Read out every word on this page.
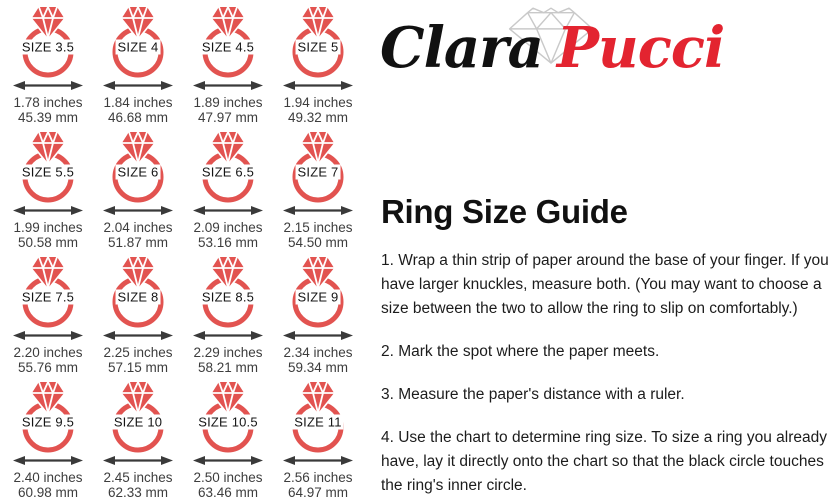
SIZE 3.5
1.78 inches
45.39 mm
SIZE 4
1.84 inches
46.68 mm
SIZE 4.5
1.89 inches
47.97 mm
SIZE 5
1.94 inches
49.32 mm
SIZE 5.5
1.99 inches
50.58 mm
SIZE 6
2.04 inches
51.87 mm
SIZE 6.5
2.09 inches
53.16 mm
SIZE 7
2.15 inches
54.50 mm
SIZE 7.5
2.20 inches
55.76 mm
SIZE 8
2.25 inches
57.15 mm
SIZE 8.5
2.29 inches
58.21 mm
SIZE 9
2.34 inches
59.34 mm
SIZE 9.5
2.40 inches
60.98 mm
SIZE 10
2.45 inches
62.33 mm
SIZE 10.5
2.50 inches
63.46 mm
SIZE 11
2.56 inches
64.97 mm
Clara Pucci
Ring Size Guide

1. Wrap a thin strip of paper around the base of your finger. If you have larger knuckles, measure both. (You may want to choose a size between the two to allow the ring to slip on comfortably.)

2. Mark the spot where the paper meets.

3. Measure the paper's distance with a ruler.

4. Use the chart to determine ring size. To size a ring you already have, lay it directly onto the chart so that the black circle touches the ring's inner circle.
